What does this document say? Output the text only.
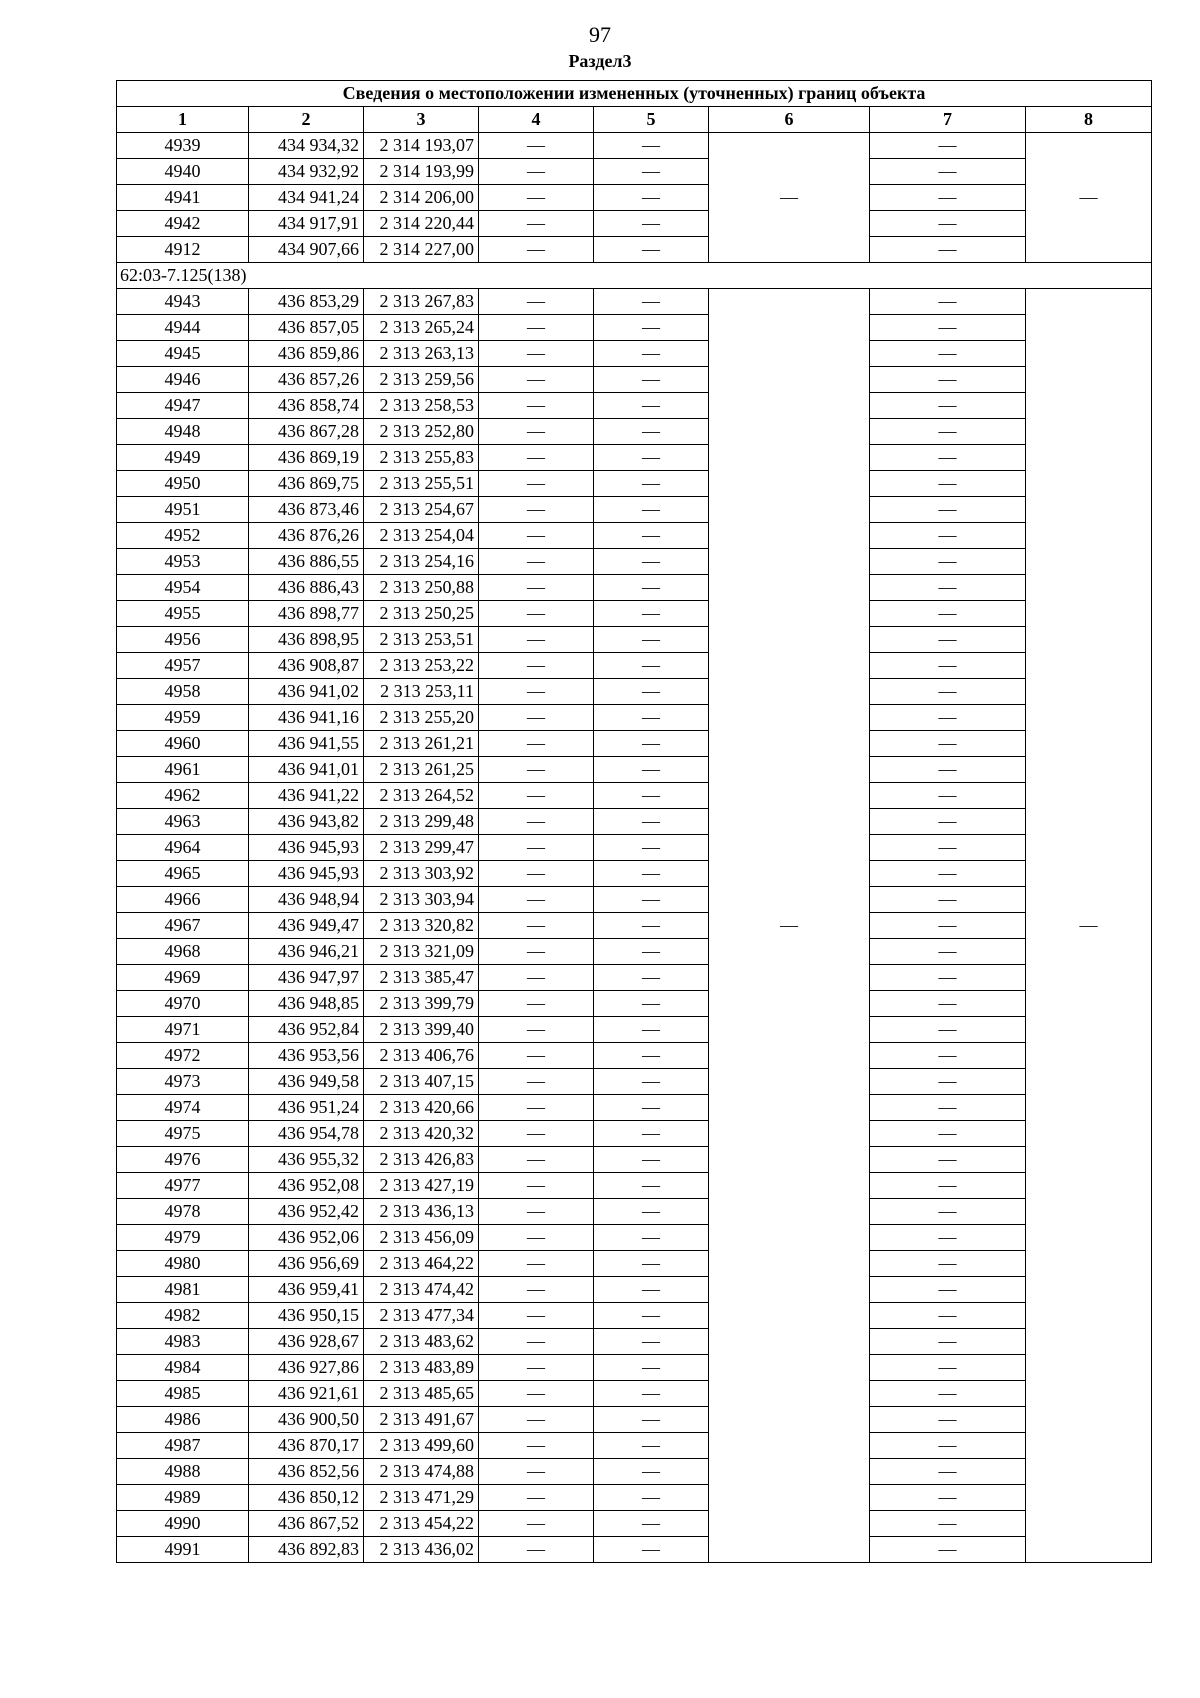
97
Раздел3
Сведения о местоположении измененных (уточненных) границ объекта							
1	2	3	4	5	6	7	8
4939	434 934,32	2 314 193,07	—	—	—	—	—
4940	434 932,92	2 314 193,99	—	—		—	
4941	434 941,24	2 314 206,00	—	—		—	
4942	434 917,91	2 314 220,44	—	—		—	
4912	434 907,66	2 314 227,00	—	—		—	
62:03-7.125(138)							
4943	436 853,29	2 313 267,83	—	—	—	—	—
4944	436 857,05	2 313 265,24	—	—		—	
4945	436 859,86	2 313 263,13	—	—		—	
4946	436 857,26	2 313 259,56	—	—		—	
4947	436 858,74	2 313 258,53	—	—		—	
4948	436 867,28	2 313 252,80	—	—		—	
4949	436 869,19	2 313 255,83	—	—		—	
4950	436 869,75	2 313 255,51	—	—		—	
4951	436 873,46	2 313 254,67	—	—		—	
4952	436 876,26	2 313 254,04	—	—		—	
4953	436 886,55	2 313 254,16	—	—		—	
4954	436 886,43	2 313 250,88	—	—		—	
4955	436 898,77	2 313 250,25	—	—		—	
4956	436 898,95	2 313 253,51	—	—		—	
4957	436 908,87	2 313 253,22	—	—		—	
4958	436 941,02	2 313 253,11	—	—		—	
4959	436 941,16	2 313 255,20	—	—		—	
4960	436 941,55	2 313 261,21	—	—		—	
4961	436 941,01	2 313 261,25	—	—		—	
4962	436 941,22	2 313 264,52	—	—		—	
4963	436 943,82	2 313 299,48	—	—		—	
4964	436 945,93	2 313 299,47	—	—		—	
4965	436 945,93	2 313 303,92	—	—		—	
4966	436 948,94	2 313 303,94	—	—		—	
4967	436 949,47	2 313 320,82	—	—		—	
4968	436 946,21	2 313 321,09	—	—		—	
4969	436 947,97	2 313 385,47	—	—		—	
4970	436 948,85	2 313 399,79	—	—		—	
4971	436 952,84	2 313 399,40	—	—		—	
4972	436 953,56	2 313 406,76	—	—		—	
4973	436 949,58	2 313 407,15	—	—		—	
4974	436 951,24	2 313 420,66	—	—		—	
4975	436 954,78	2 313 420,32	—	—		—	
4976	436 955,32	2 313 426,83	—	—		—	
4977	436 952,08	2 313 427,19	—	—		—	
4978	436 952,42	2 313 436,13	—	—		—	
4979	436 952,06	2 313 456,09	—	—		—	
4980	436 956,69	2 313 464,22	—	—		—	
4981	436 959,41	2 313 474,42	—	—		—	
4982	436 950,15	2 313 477,34	—	—		—	
4983	436 928,67	2 313 483,62	—	—		—	
4984	436 927,86	2 313 483,89	—	—		—	
4985	436 921,61	2 313 485,65	—	—		—	
4986	436 900,50	2 313 491,67	—	—		—	
4987	436 870,17	2 313 499,60	—	—		—	
4988	436 852,56	2 313 474,88	—	—		—	
4989	436 850,12	2 313 471,29	—	—		—	
4990	436 867,52	2 313 454,22	—	—		—	
4991	436 892,83	2 313 436,02	—	—		—	
